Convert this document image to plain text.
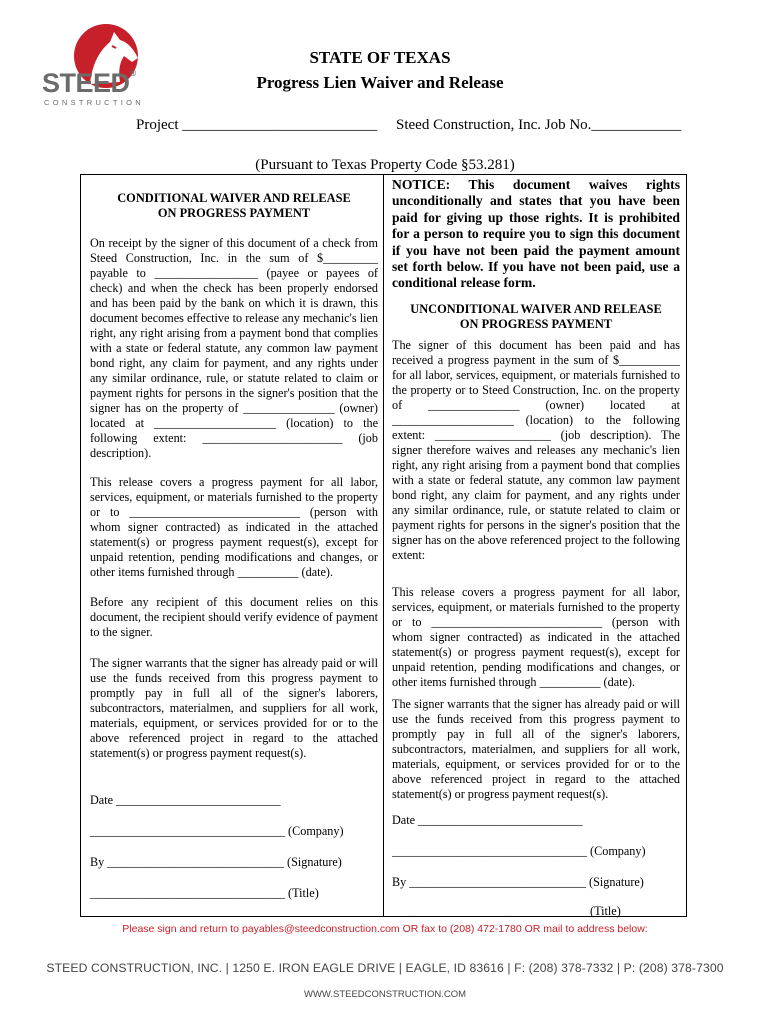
STEED®
CONSTRUCTION
STATE OF TEXAS
Progress Lien Waiver and Release
Project __________________________ Steed Construction, Inc. Job No.____________
(Pursuant to Texas Property Code §53.281)
CONDITIONAL WAIVER AND RELEASE
ON PROGRESS PAYMENT
On receipt by the signer of this document of a check from Steed Construction, Inc. in the sum of $_________ payable to _________________ (payee or payees of check) and when the check has been properly endorsed and has been paid by the bank on which it is drawn, this document becomes effective to release any mechanic's lien right, any right arising from a payment bond that complies with a state or federal statute, any common law payment bond right, any claim for payment, and any rights under any similar ordinance, rule, or statute related to claim or payment rights for persons in the signer's position that the signer has on the property of _______________ (owner) located at ____________________ (location) to the following extent: _______________________ (job description).
This release covers a progress payment for all labor, services, equipment, or materials furnished to the property or to ____________________________ (person with whom signer contracted) as indicated in the attached statement(s) or progress payment request(s), except for unpaid retention, pending modifications and changes, or other items furnished through __________ (date).
Before any recipient of this document relies on this document, the recipient should verify evidence of payment to the signer.
The signer warrants that the signer has already paid or will use the funds received from this progress payment to promptly pay in full all of the signer's laborers, subcontractors, materialmen, and suppliers for all work, materials, equipment, or services provided for or to the above referenced project in regard to the attached statement(s) or progress payment request(s).
Date ___________________________
________________________________ (Company)
By _____________________________ (Signature)
________________________________ (Title)
NOTICE: This document waives rights unconditionally and states that you have been paid for giving up those rights. It is prohibited for a person to require you to sign this document if you have not been paid the payment amount set forth below. If you have not been paid, use a conditional release form.
UNCONDITIONAL WAIVER AND RELEASE
ON PROGRESS PAYMENT
The signer of this document has been paid and has received a progress payment in the sum of $__________ for all labor, services, equipment, or materials furnished to the property or to Steed Construction, Inc. on the property of _______________ (owner) located at ____________________ (location) to the following extent: ___________________ (job description). The signer therefore waives and releases any mechanic's lien right, any right arising from a payment bond that complies with a state or federal statute, any common law payment bond right, any claim for payment, and any rights under any similar ordinance, rule, or statute related to claim or payment rights for persons in the signer's position that the signer has on the above referenced project to the following extent:
This release covers a progress payment for all labor, services, equipment, or materials furnished to the property or to ____________________________ (person with whom signer contracted) as indicated in the attached statement(s) or progress payment request(s), except for unpaid retention, pending modifications and changes, or other items furnished through __________ (date).
The signer warrants that the signer has already paid or will use the funds received from this progress payment to promptly pay in full all of the signer's laborers, subcontractors, materialmen, and suppliers for all work, materials, equipment, or services provided for or to the above referenced project in regard to the attached statement(s) or progress payment request(s).
Date ___________________________
________________________________ (Company)
By _____________________________ (Signature)
________________________________ (Title)
Please sign and return to payables@steedconstruction.com OR fax to (208) 472-1780 OR mail to address below:
STEED CONSTRUCTION, INC. | 1250 E. IRON EAGLE DRIVE | EAGLE, ID 83616 | F: (208) 378-7332 | P: (208) 378-7300
WWW.STEEDCONSTRUCTION.COM
